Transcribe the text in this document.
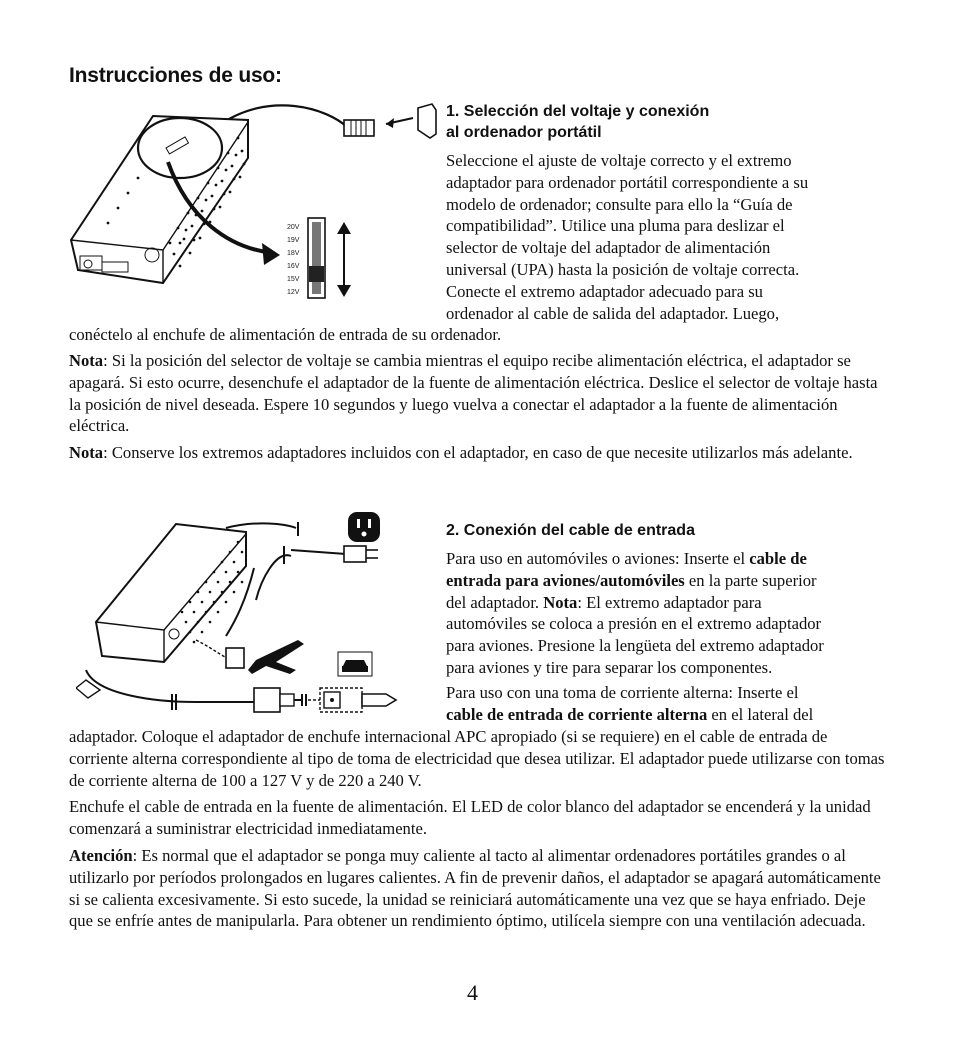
Instrucciones de uso:
20V
19V
18V
16V
15V
12V
1. Selección del voltaje y conexión
al ordenador portátil
Seleccione el ajuste de voltaje correcto y el extremo
adaptador para ordenador portátil correspondiente a su
modelo de ordenador; consulte para ello la “Guía de
compatibilidad”. Utilice una pluma para deslizar el
selector de voltaje del adaptador de alimentación
universal (UPA) hasta la posición de voltaje correcta.
Conecte el extremo adaptador adecuado para su
ordenador al cable de salida del adaptador. Luego,

conéctelo al enchufe de alimentación de entrada de su ordenador.

Nota: Si la posición del selector de voltaje se cambia mientras el equipo recibe alimentación eléctrica, el adaptador se apagará. Si esto ocurre, desenchufe el adaptador de la fuente de alimentación eléctrica. Deslice el selector de voltaje hasta la posición de nivel deseada. Espere 10 segundos y luego vuelva a conectar el adaptador a la fuente de alimentación eléctrica.

Nota: Conserve los extremos adaptadores incluidos con el adaptador, en caso de que necesite utilizarlos más adelante.

2. Conexión del cable de entrada
Para uso en automóviles o aviones: Inserte el cable de
entrada para aviones/automóviles en la parte superior
del adaptador. Nota: El extremo adaptador para
automóviles se coloca a presión en el extremo adaptador
para aviones. Presione la lengüeta del extremo adaptador
para aviones y tire para separar los componentes.
Para uso con una toma de corriente alterna: Inserte el
cable de entrada de corriente alterna en el lateral del

adaptador. Coloque el adaptador de enchufe internacional APC apropiado (si se requiere) en el cable de entrada de corriente alterna correspondiente al tipo de toma de electricidad que desea utilizar. El adaptador puede utilizarse con tomas de corriente alterna de 100 a 127 V y de 220 a 240 V.

Enchufe el cable de entrada en la fuente de alimentación. El LED de color blanco del adaptador se encenderá y la unidad comenzará a suministrar electricidad inmediatamente.

Atención: Es normal que el adaptador se ponga muy caliente al tacto al alimentar ordenadores portátiles grandes o al utilizarlo por períodos prolongados en lugares calientes. A fin de prevenir daños, el adaptador se apagará automáticamente si se calienta excesivamente. Si esto sucede, la unidad se reiniciará automáticamente una vez que se haya enfriado. Deje que se enfríe antes de manipularla. Para obtener un rendimiento óptimo, utilícela siempre con una ventilación adecuada.

4
